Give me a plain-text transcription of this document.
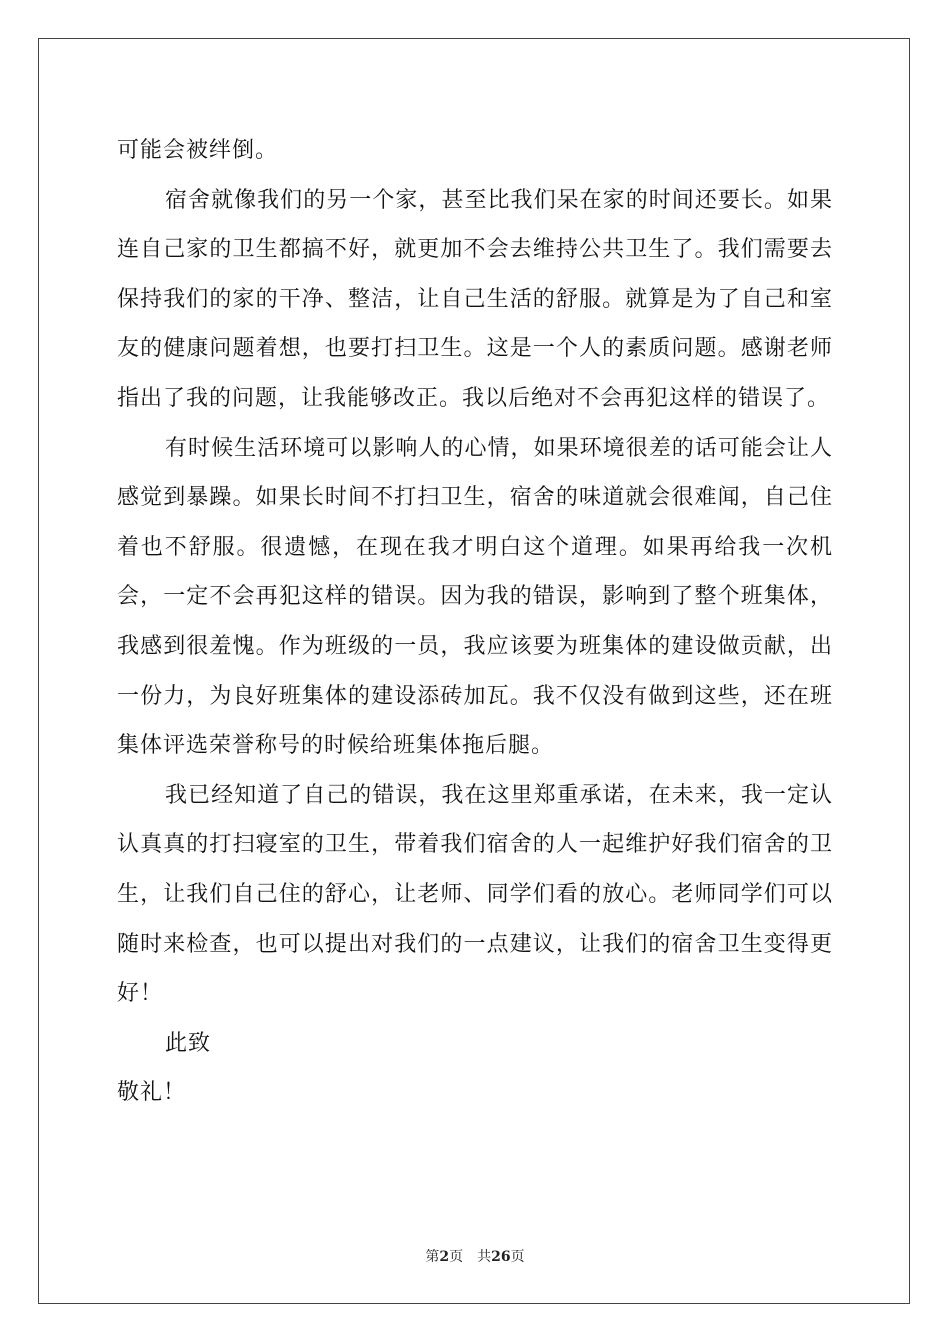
可能会被绊倒。

宿舍就像我们的另一个家，甚至比我们呆在家的时间还要长。如果连自己家的卫生都搞不好，就更加不会去维持公共卫生了。我们需要去保持我们的家的干净、整洁，让自己生活的舒服。就算是为了自己和室友的健康问题着想，也要打扫卫生。这是一个人的素质问题。感谢老师指出了我的问题，让我能够改正。我以后绝对不会再犯这样的错误了。

有时候生活环境可以影响人的心情，如果环境很差的话可能会让人感觉到暴躁。如果长时间不打扫卫生，宿舍的味道就会很难闻，自己住着也不舒服。很遗憾，在现在我才明白这个道理。如果再给我一次机会，一定不会再犯这样的错误。因为我的错误，影响到了整个班集体，我感到很羞愧。作为班级的一员，我应该要为班集体的建设做贡献，出一份力，为良好班集体的建设添砖加瓦。我不仅没有做到这些，还在班集体评选荣誉称号的时候给班集体拖后腿。

我已经知道了自己的错误，我在这里郑重承诺，在未来，我一定认认真真的打扫寝室的卫生，带着我们宿舍的人一起维护好我们宿舍的卫生，让我们自己住的舒心，让老师、同学们看的放心。老师同学们可以随时来检查，也可以提出对我们的一点建议，让我们的宿舍卫生变得更好！

此致

敬礼！

第2页 共26页
